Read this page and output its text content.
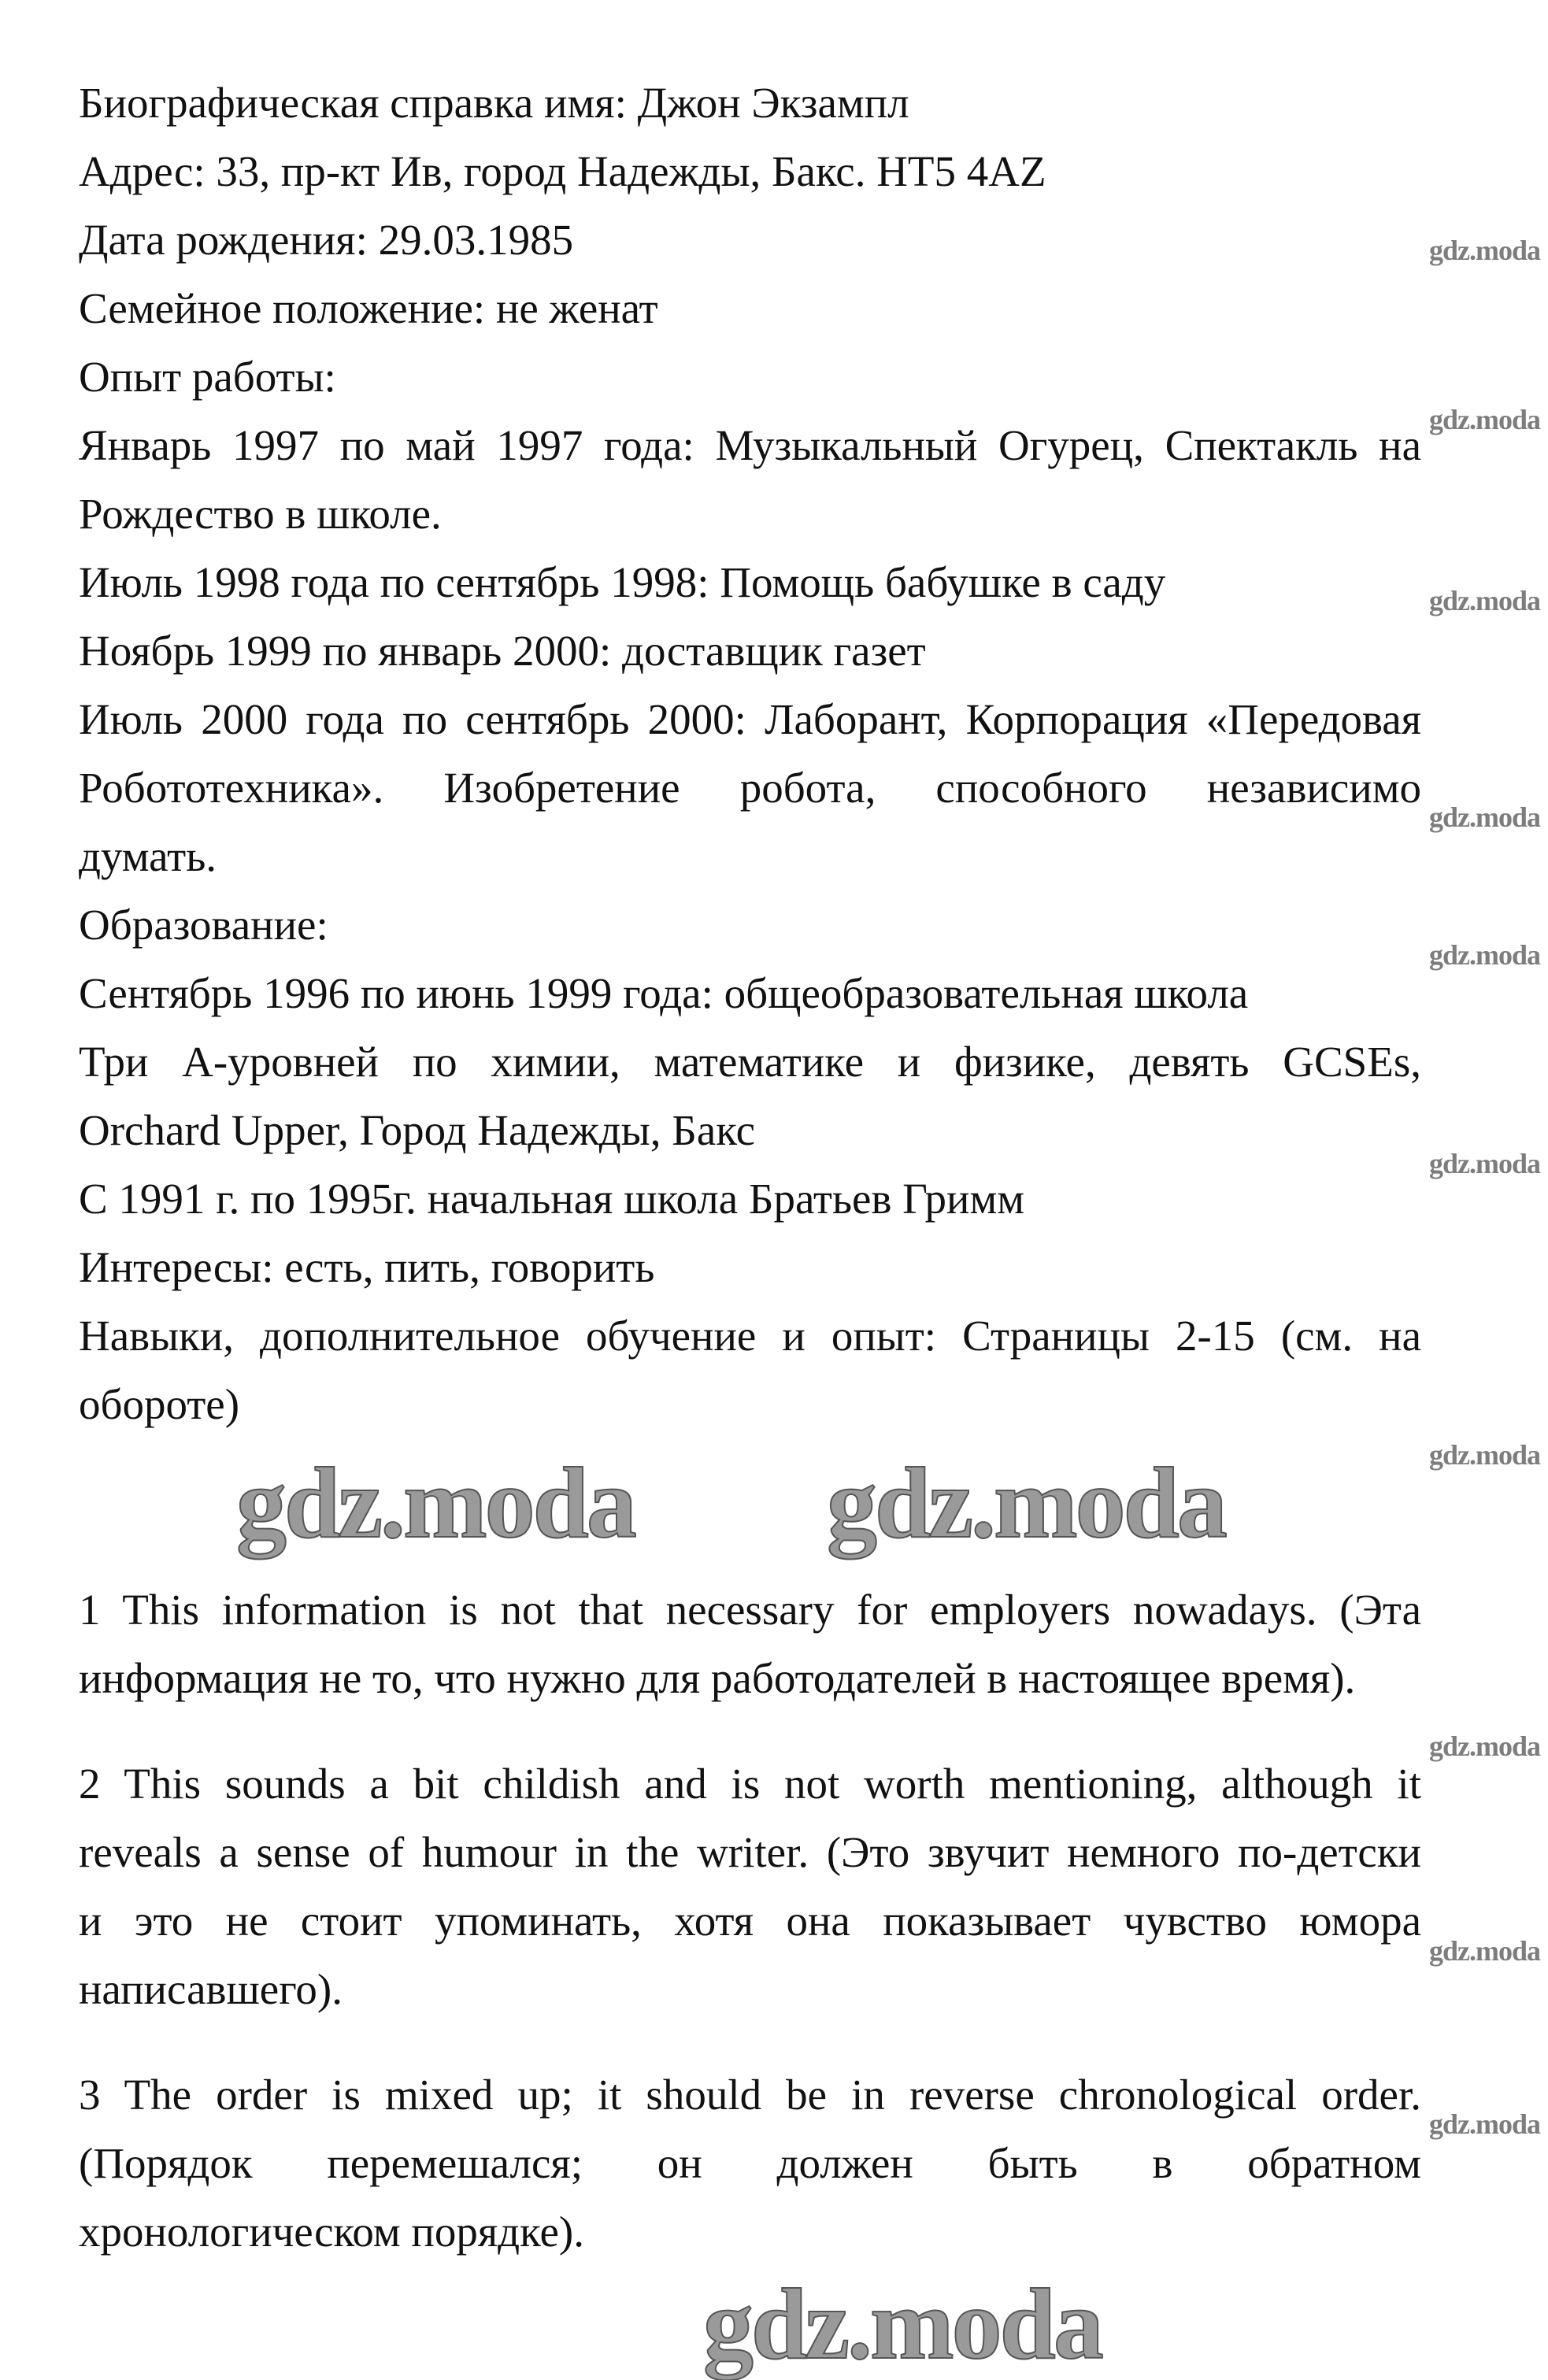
Биографическая справка имя: Джон Экзампл
Адрес: 33, пр-кт Ив, город Надежды, Бакс. HT5 4AZ
Дата рождения: 29.03.1985
Семейное положение: не женат
Опыт работы:
Январь 1997 по май 1997 года: Музыкальный Огурец, Спектакль на
Рождество в школе.
Июль 1998 года по сентябрь 1998: Помощь бабушке в саду
Ноябрь 1999 по январь 2000: доставщик газет
Июль 2000 года по сентябрь 2000: Лаборант, Корпорация «Передовая
Робототехника». Изобретение робота, способного независимо
думать.
Образование:
Сентябрь 1996 по июнь 1999 года: общеобразовательная школа
Три А-уровней по химии, математике и физике, девять GCSEs,
Orchard Upper, Город Надежды, Бакс
С 1991 г. по 1995г. начальная школа Братьев Гримм
Интересы: есть, пить, говорить
Навыки, дополнительное обучение и опыт: Страницы 2-15 (см. на
обороте)
1 This information is not that necessary for employers nowadays. (Эта
информация не то, что нужно для работодателей в настоящее время).
2 This sounds a bit childish and is not worth mentioning, although it
reveals a sense of humour in the writer. (Это звучит немного по-детски
и это не стоит упоминать, хотя она показывает чувство юмора
написавшего).
3 The order is mixed up; it should be in reverse chronological order.
(Порядок перемешался; он должен быть в обратном
хронологическом порядке).
gdz.moda
gdz.moda
gdz.moda
gdz.moda
gdz.moda
gdz.moda
gdz.moda
gdz.moda
gdz.moda
gdz.moda
gdz.moda gdz.moda
gdz.moda
